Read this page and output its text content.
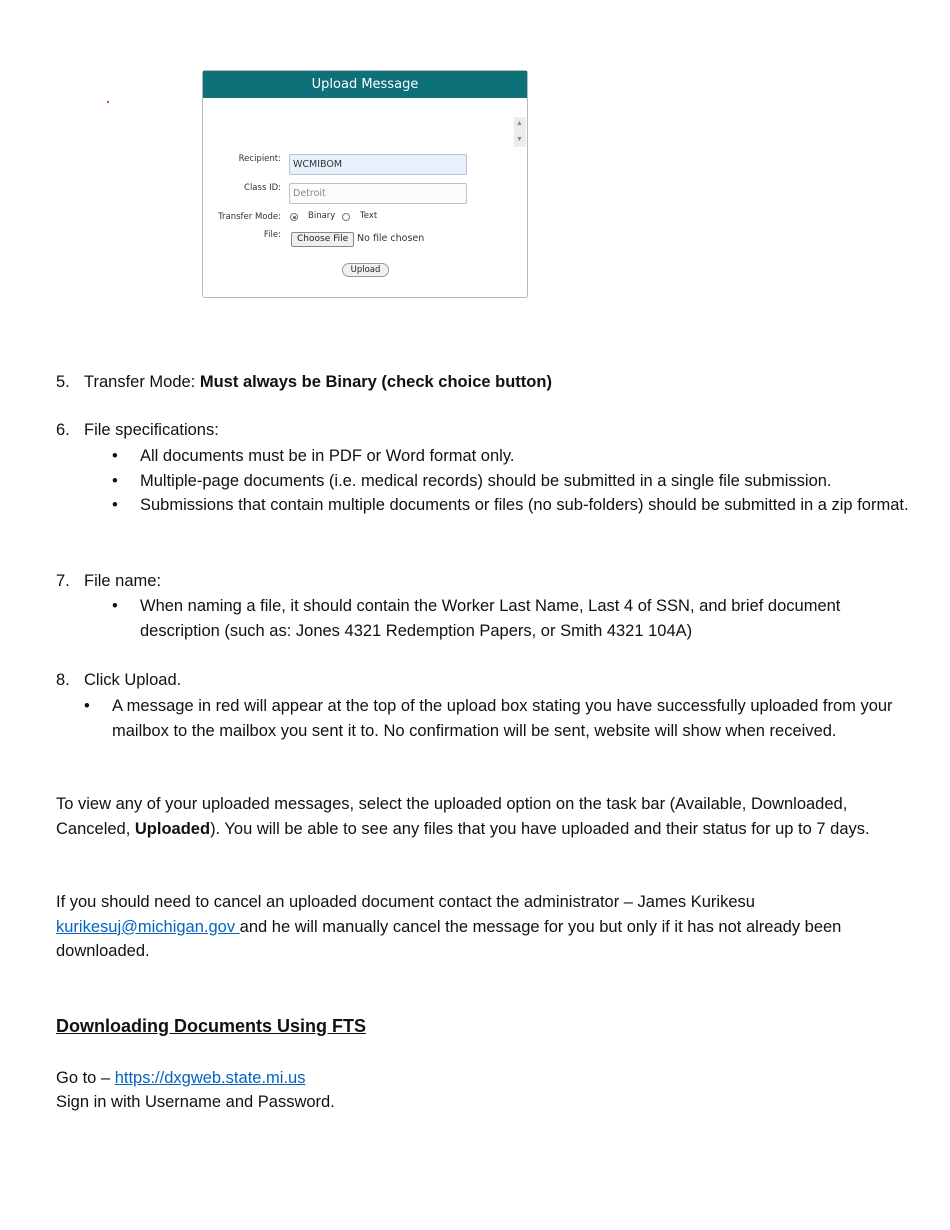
Upload Message
▲
▼
Recipient:	WCMIBOM
Class ID:	Detroit
Transfer Mode:	Binary	Text
File:	Choose File No file chosen
Upload
5. Transfer Mode: Must always be Binary (check choice button)
6. File specifications:
• All documents must be in PDF or Word format only.
• Multiple-page documents (i.e. medical records) should be submitted in a single file submission.
• Submissions that contain multiple documents or files (no sub-folders) should be submitted in a zip format.
7. File name:
• When naming a file, it should contain the Worker Last Name, Last 4 of SSN, and brief document description (such as: Jones 4321 Redemption Papers, or Smith 4321 104A)
8. Click Upload.
• A message in red will appear at the top of the upload box stating you have successfully uploaded from your mailbox to the mailbox you sent it to. No confirmation will be sent, website will show when received.
To view any of your uploaded messages, select the uploaded option on the task bar (Available, Downloaded, Canceled, Uploaded). You will be able to see any files that you have uploaded and their status for up to 7 days.
If you should need to cancel an uploaded document contact the administrator – James Kurikesu kurikesuj@michigan.gov and he will manually cancel the message for you but only if it has not already been downloaded.
Downloading Documents Using FTS
Go to – https://dxgweb.state.mi.us
Sign in with Username and Password.
